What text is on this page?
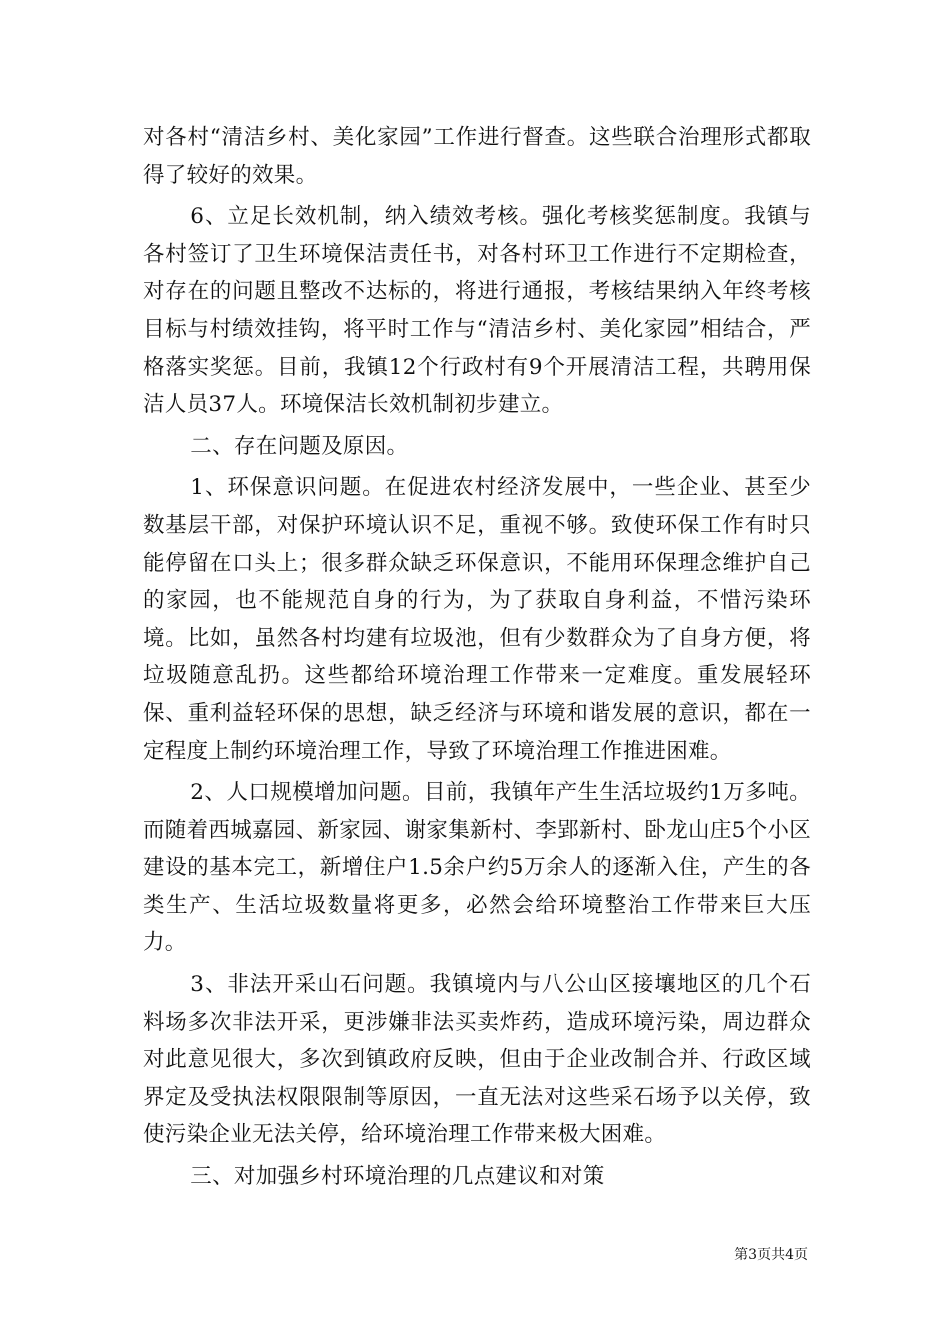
对各村“清洁乡村、美化家园”工作进行督查。这些联合治理形式都取得了较好的效果。

6、立足长效机制，纳入绩效考核。强化考核奖惩制度。我镇与各村签订了卫生环境保洁责任书，对各村环卫工作进行不定期检查，对存在的问题且整改不达标的，将进行通报，考核结果纳入年终考核目标与村绩效挂钩，将平时工作与“清洁乡村、美化家园”相结合，严格落实奖惩。目前，我镇12个行政村有9个开展清洁工程，共聘用保洁人员37人。环境保洁长效机制初步建立。

二、存在问题及原因。

1、环保意识问题。在促进农村经济发展中，一些企业、甚至少数基层干部，对保护环境认识不足，重视不够。致使环保工作有时只能停留在口头上；很多群众缺乏环保意识，不能用环保理念维护自己的家园，也不能规范自身的行为，为了获取自身利益，不惜污染环境。比如，虽然各村均建有垃圾池，但有少数群众为了自身方便，将垃圾随意乱扔。这些都给环境治理工作带来一定难度。重发展轻环保、重利益轻环保的思想，缺乏经济与环境和谐发展的意识，都在一定程度上制约环境治理工作，导致了环境治理工作推进困难。

2、人口规模增加问题。目前，我镇年产生生活垃圾约1万多吨。而随着西城嘉园、新家园、谢家集新村、李郢新村、卧龙山庄5个小区建设的基本完工，新增住户1.5余户约5万余人的逐渐入住，产生的各类生产、生活垃圾数量将更多，必然会给环境整治工作带来巨大压力。

3、非法开采山石问题。我镇境内与八公山区接壤地区的几个石料场多次非法开采，更涉嫌非法买卖炸药，造成环境污染，周边群众对此意见很大，多次到镇政府反映，但由于企业改制合并、行政区域界定及受执法权限限制等原因，一直无法对这些采石场予以关停，致使污染企业无法关停，给环境治理工作带来极大困难。

三、对加强乡村环境治理的几点建议和对策

第3页共4页
